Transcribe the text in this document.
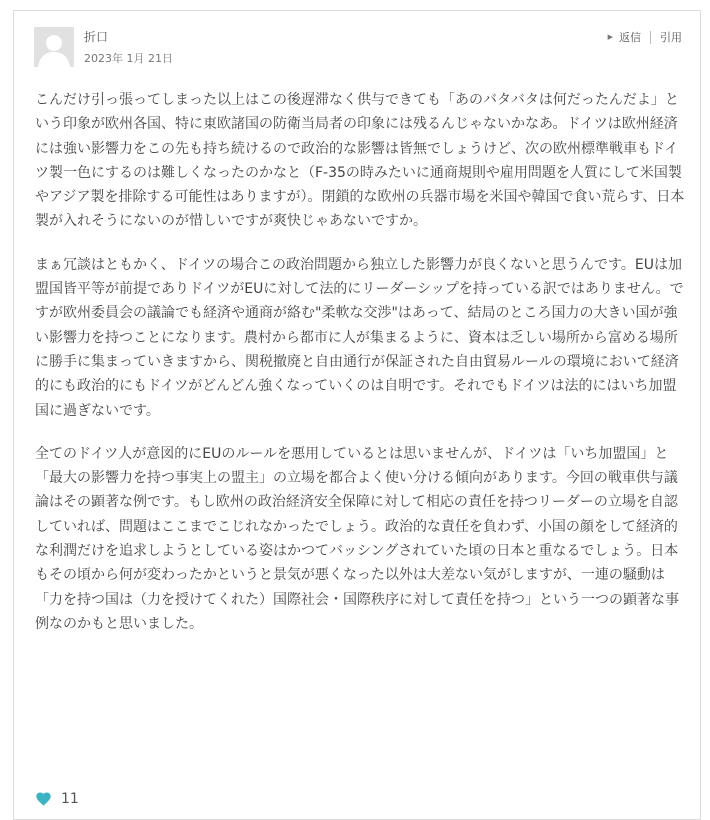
折口
2023年 1月 21日
▶ 返信 引用

こんだけ引っ張ってしまった以上はこの後遅滞なく供与できても「あのバタバタは何だったんだよ」という印象が欧州各国、特に東欧諸国の防衛当局者の印象には残るんじゃないかなあ。ドイツは欧州経済には強い影響力をこの先も持ち続けるので政治的な影響は皆無でしょうけど、次の欧州標準戦車もドイツ製一色にするのは難しくなったのかなと（F-35の時みたいに通商規則や雇用問題を人質にして米国製やアジア製を排除する可能性はありますが）。閉鎖的な欧州の兵器市場を米国や韓国で食い荒らす、日本製が入れそうにないのが惜しいですが爽快じゃあないですか。

まぁ冗談はともかく、ドイツの場合この政治問題から独立した影響力が良くないと思うんです。EUは加盟国皆平等が前提でありドイツがEUに対して法的にリーダーシップを持っている訳ではありません。ですが欧州委員会の議論でも経済や通商が絡む"柔軟な交渉"はあって、結局のところ国力の大きい国が強い影響力を持つことになります。農村から都市に人が集まるように、資本は乏しい場所から富める場所に勝手に集まっていきますから、関税撤廃と自由通行が保証された自由貿易ルールの環境において経済的にも政治的にもドイツがどんどん強くなっていくのは自明です。それでもドイツは法的にはいち加盟国に過ぎないです。

全てのドイツ人が意図的にEUのルールを悪用しているとは思いませんが、ドイツは「いち加盟国」と「最大の影響力を持つ事実上の盟主」の立場を都合よく使い分ける傾向があります。今回の戦車供与議論はその顕著な例です。もし欧州の政治経済安全保障に対して相応の責任を持つリーダーの立場を自認していれば、問題はここまでこじれなかったでしょう。政治的な責任を負わず、小国の顔をして経済的な利潤だけを追求しようとしている姿はかつてバッシングされていた頃の日本と重なるでしょう。日本もその頃から何が変わったかというと景気が悪くなった以外は大差ない気がしますが、一連の騒動は「力を持つ国は（力を授けてくれた）国際社会・国際秩序に対して責任を持つ」という一つの顕著な事例なのかもと思いました。

11
